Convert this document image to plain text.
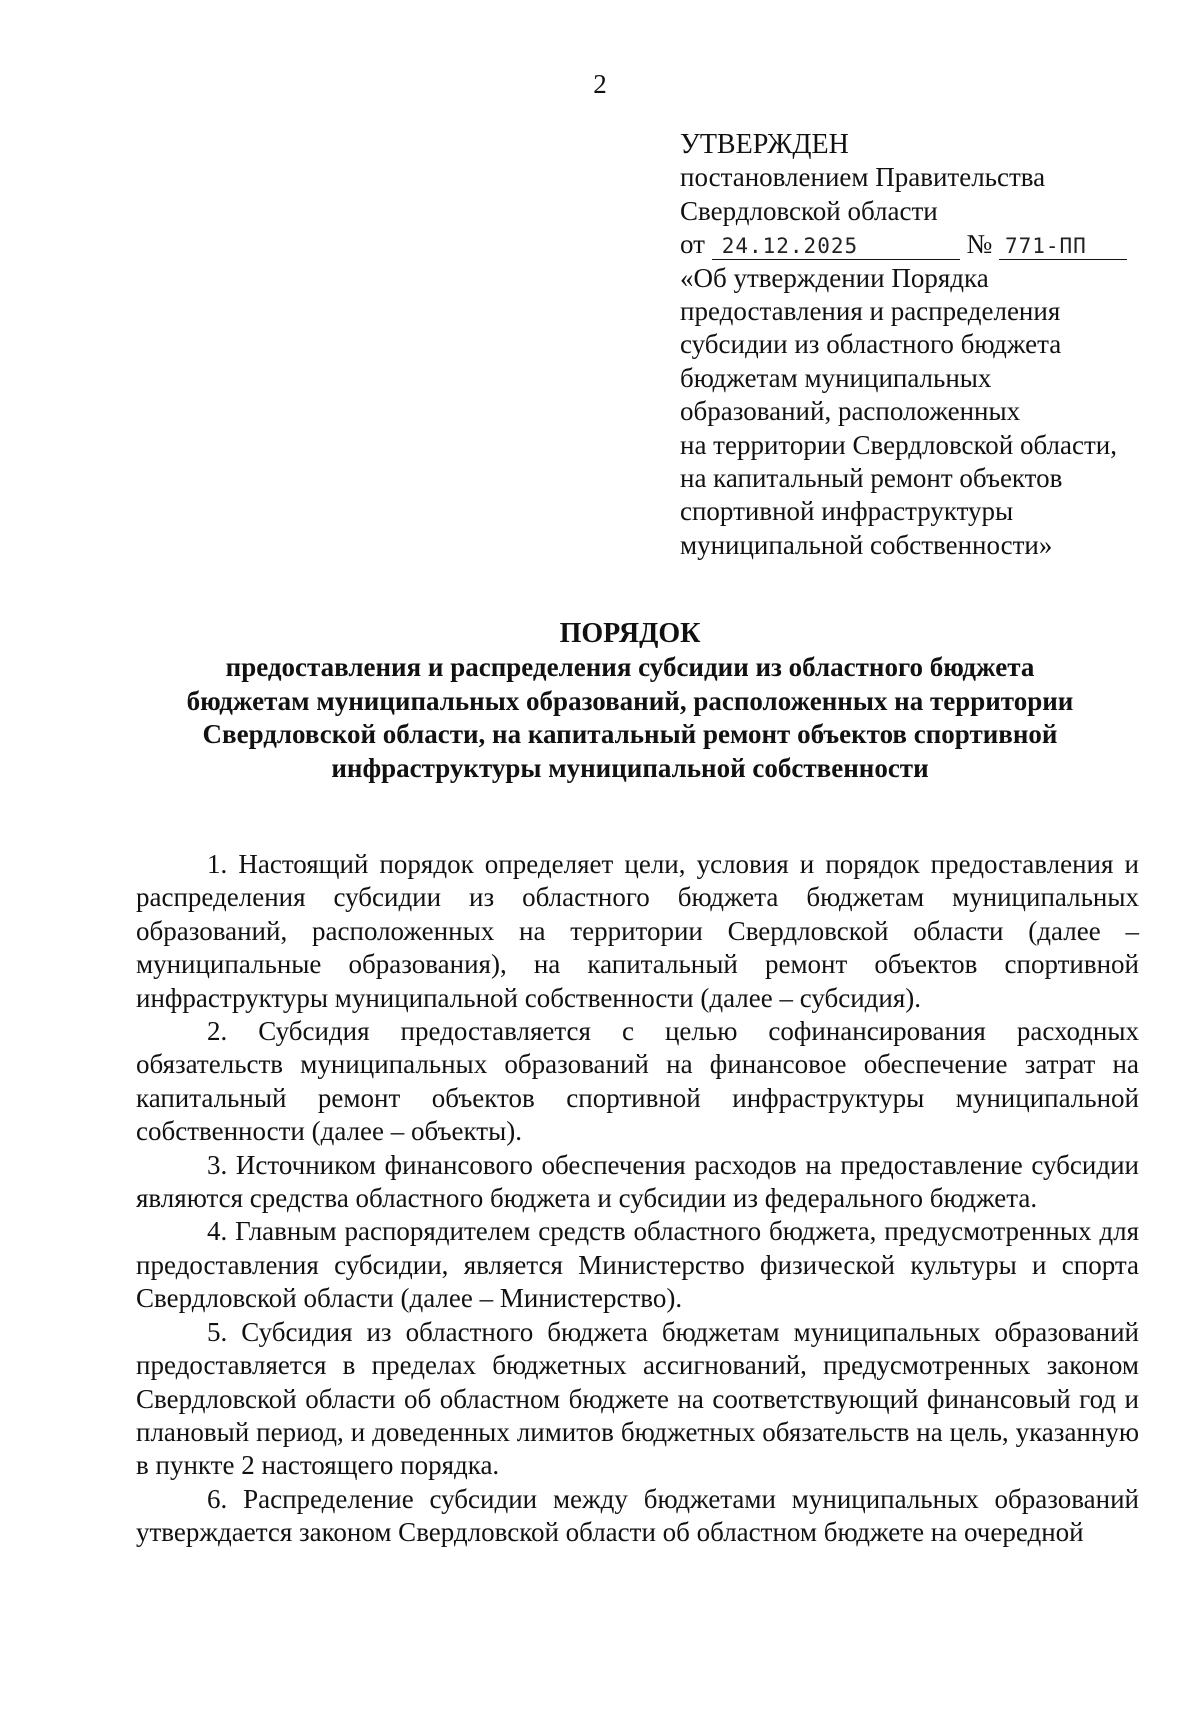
2
УТВЕРЖДЕН
постановлением Правительства
Свердловской области
от 24.12.2025	№ 771-ПП
«Об утверждении Порядка
предоставления и распределения
субсидии из областного бюджета
бюджетам муниципальных
образований, расположенных
на территории Свердловской области,
на капитальный ремонт объектов
спортивной инфраструктуры
муниципальной собственности»
ПОРЯДОК
предоставления и распределения субсидии из областного бюджета
бюджетам муниципальных образований, расположенных на территории
Свердловской области, на капитальный ремонт объектов спортивной
инфраструктуры муниципальной собственности

1. Настоящий порядок определяет цели, условия и порядок предоставления и распределения субсидии из областного бюджета бюджетам муниципальных образований, расположенных на территории Свердловской области (далее – муниципальные образования), на капитальный ремонт объектов спортивной инфраструктуры муниципальной собственности (далее – субсидия).

2. Субсидия предоставляется с целью софинансирования расходных обязательств муниципальных образований на финансовое обеспечение затрат на капитальный ремонт объектов спортивной инфраструктуры муниципальной собственности (далее – объекты).

3. Источником финансового обеспечения расходов на предоставление субсидии являются средства областного бюджета и субсидии из федерального бюджета.

4. Главным распорядителем средств областного бюджета, предусмотренных для предоставления субсидии, является Министерство физической культуры и спорта Свердловской области (далее – Министерство).

5. Субсидия из областного бюджета бюджетам муниципальных образований предоставляется в пределах бюджетных ассигнований, предусмотренных законом Свердловской области об областном бюджете на соответствующий финансовый год и плановый период, и доведенных лимитов бюджетных обязательств на цель, указанную в пункте 2 настоящего порядка.

6. Распределение субсидии между бюджетами муниципальных образований утверждается законом Свердловской области об областном бюджете на очередной
